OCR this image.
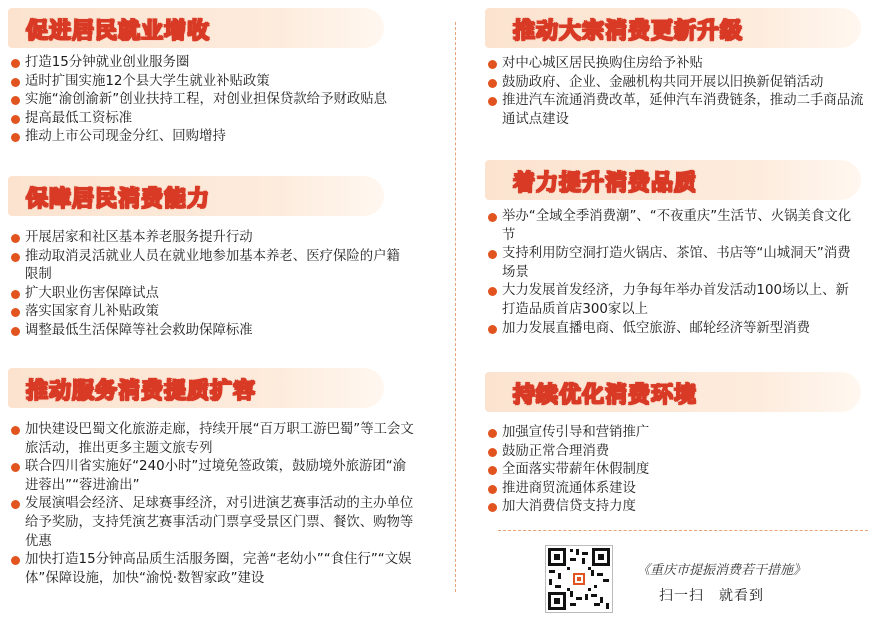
促进居民就业增收
打造15分钟就业创业服务圈
适时扩围实施12个县大学生就业补贴政策
实施“渝创渝新”创业扶持工程，对创业担保贷款给予财政贴息
提高最低工资标准
推动上市公司现金分红、回购增持
保障居民消费能力
开展居家和社区基本养老服务提升行动
推动取消灵活就业人员在就业地参加基本养老、医疗保险的户籍限制
扩大职业伤害保障试点
落实国家育儿补贴政策
调整最低生活保障等社会救助保障标准
推动服务消费提质扩容
加快建设巴蜀文化旅游走廊，持续开展“百万职工游巴蜀”等工会文旅活动，推出更多主题文旅专列
联合四川省实施好“240小时”过境免签政策，鼓励境外旅游团“渝进蓉出”“蓉进渝出”
发展演唱会经济、足球赛事经济，对引进演艺赛事活动的主办单位给予奖励，支持凭演艺赛事活动门票享受景区门票、餐饮、购物等优惠
加快打造15分钟高品质生活服务圈，完善“老幼小”“食住行”“文娱体”保障设施，加快“渝悦·数智家政”建设
推动大宗消费更新升级
对中心城区居民换购住房给予补贴
鼓励政府、企业、金融机构共同开展以旧换新促销活动
推进汽车流通消费改革，延伸汽车消费链条，推动二手商品流通试点建设
着力提升消费品质
举办“全域全季消费潮”、“不夜重庆”生活节、火锅美食文化节
支持利用防空洞打造火锅店、茶馆、书店等“山城洞天”消费场景
大力发展首发经济，力争每年举办首发活动100场以上、新打造品质首店300家以上
加力发展直播电商、低空旅游、邮轮经济等新型消费
持续优化消费环境
加强宣传引导和营销推广
鼓励正常合理消费
全面落实带薪年休假制度
推进商贸流通体系建设
加大消费信贷支持力度
《重庆市提振消费若干措施》
扫一扫　就看到
